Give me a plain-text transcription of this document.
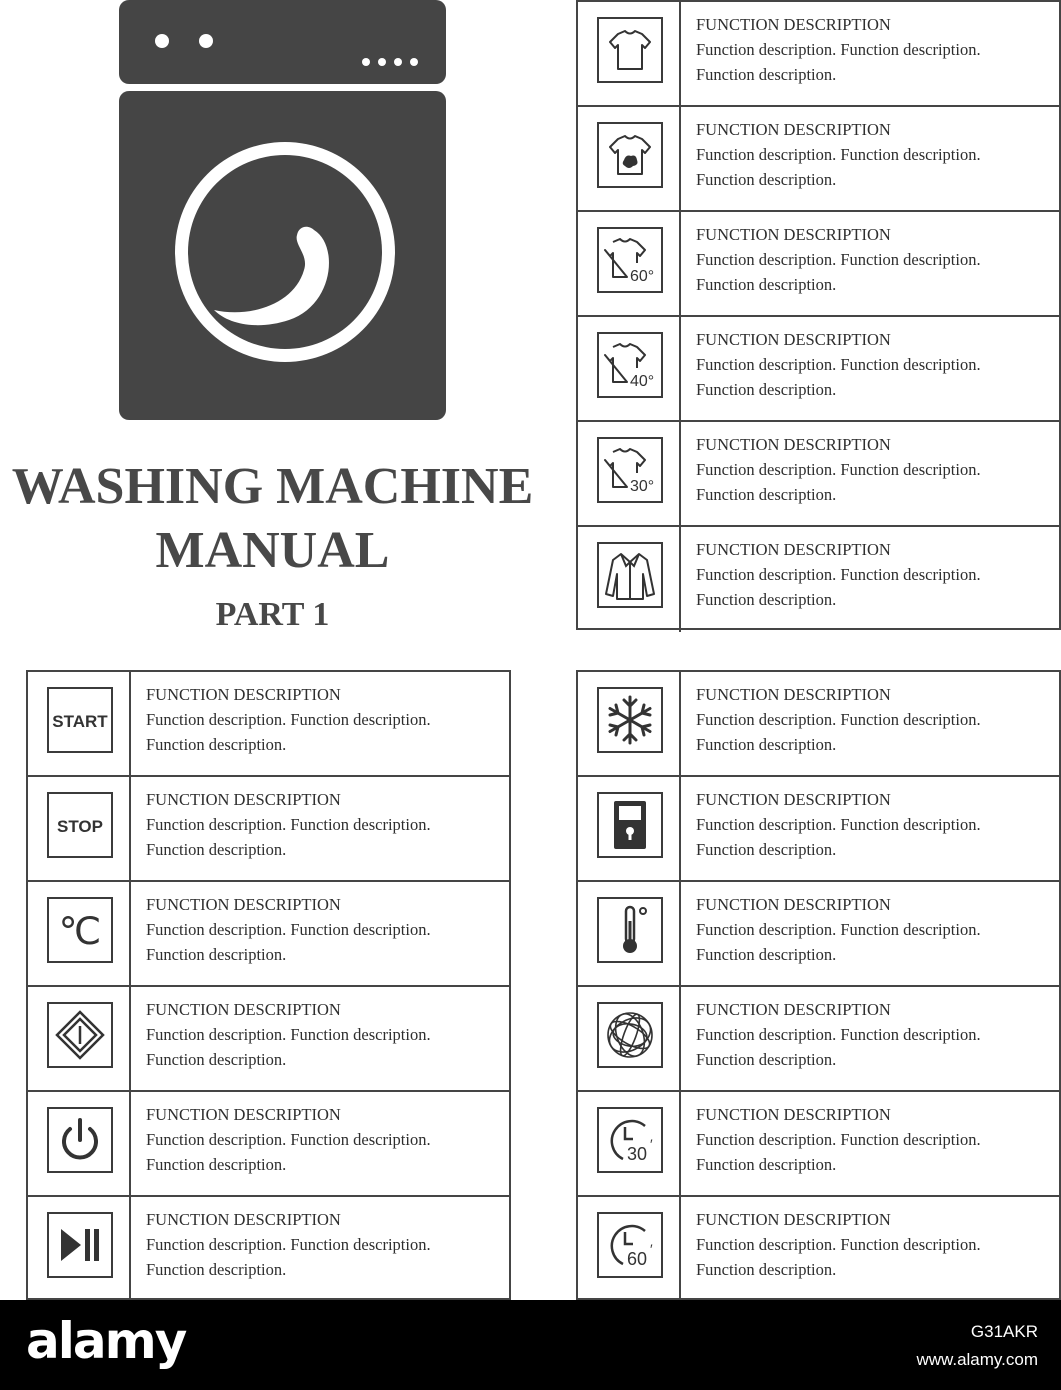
WASHING MACHINE
MANUAL
PART 1
FUNCTION DESCRIPTION
Function description. Function description.
Function description.
FUNCTION DESCRIPTION
Function description. Function description.
Function description.
60°
FUNCTION DESCRIPTION
Function description. Function description.
Function description.
40°
FUNCTION DESCRIPTION
Function description. Function description.
Function description.
30°
FUNCTION DESCRIPTION
Function description. Function description.
Function description.
FUNCTION DESCRIPTION
Function description. Function description.
Function description.
START
FUNCTION DESCRIPTION
Function description. Function description.
Function description.
STOP
FUNCTION DESCRIPTION
Function description. Function description.
Function description.
℃
FUNCTION DESCRIPTION
Function description. Function description.
Function description.
FUNCTION DESCRIPTION
Function description. Function description.
Function description.
FUNCTION DESCRIPTION
Function description. Function description.
Function description.
FUNCTION DESCRIPTION
Function description. Function description.
Function description.
FUNCTION DESCRIPTION
Function description. Function description.
Function description.
FUNCTION DESCRIPTION
Function description. Function description.
Function description.
FUNCTION DESCRIPTION
Function description. Function description.
Function description.
FUNCTION DESCRIPTION
Function description. Function description.
Function description.
30 ′
FUNCTION DESCRIPTION
Function description. Function description.
Function description.
60 ′
FUNCTION DESCRIPTION
Function description. Function description.
Function description.
alamy	G31AKR
www.alamy.com
